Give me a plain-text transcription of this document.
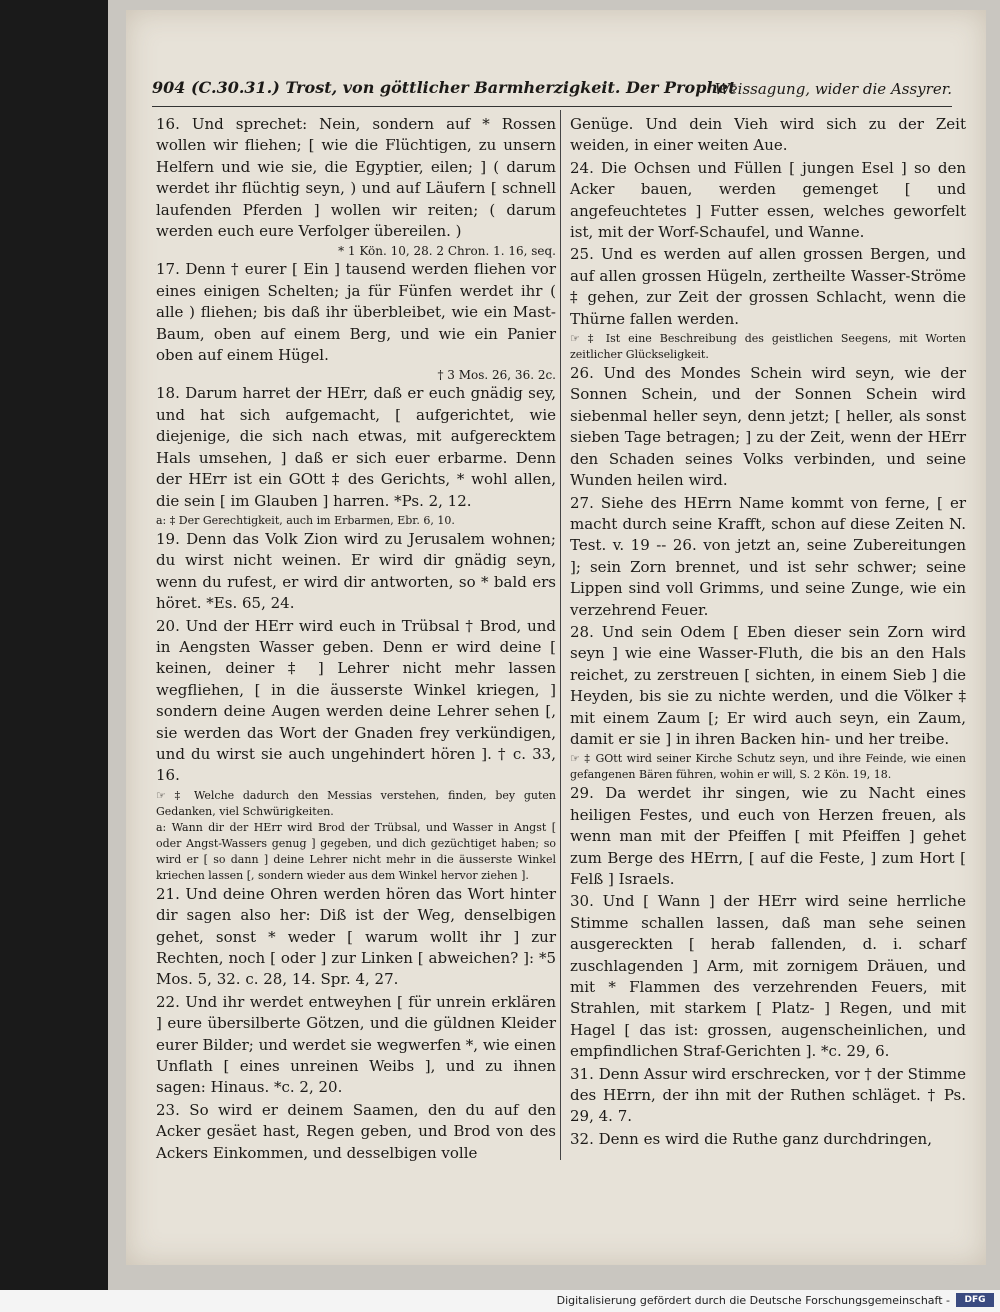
904 (C.30.31.) Trost, von göttlicher Barmherzigkeit. Der Prophet
Weissagung, wider die Assyrer.
16. Und sprechet: Nein, sondern auf * Rossen wollen wir fliehen; [ wie die Flüchtigen, zu unsern Helfern und wie sie, die Egyptier, eilen; ] ( darum werdet ihr flüchtig seyn, ) und auf Läufern [ schnell laufenden Pferden ] wollen wir reiten; ( darum werden euch eure Verfolger übereilen. )
* 1 Kön. 10, 28. 2 Chron. 1. 16, seq.
17. Denn † eurer [ Ein ] tausend werden fliehen vor eines einigen Schelten; ja für Fünfen werdet ihr ( alle ) fliehen; bis daß ihr überbleibet, wie ein Mast-Baum, oben auf einem Berg, und wie ein Panier oben auf einem Hügel.
† 3 Mos. 26, 36. 2c.
18. Darum harret der HErr, daß er euch gnädig sey, und hat sich aufgemacht, [ aufgerichtet, wie diejenige, die sich nach etwas, mit aufgerecktem Hals umsehen, ] daß er sich euer erbarme. Denn der HErr ist ein GOtt ‡ des Gerichts, * wohl allen, die sein [ im Glauben ] harren. *Ps. 2, 12.
a: ‡ Der Gerechtigkeit, auch im Erbarmen, Ebr. 6, 10.
19. Denn das Volk Zion wird zu Jerusalem wohnen; du wirst nicht weinen. Er wird dir gnädig seyn, wenn du rufest, er wird dir antworten, so * bald ers höret. *Es. 65, 24.
20. Und der HErr wird euch in Trübsal † Brod, und in Aengsten Wasser geben. Denn er wird deine [ keinen, deiner ‡ ] Lehrer nicht mehr lassen wegfliehen, [ in die äusserste Winkel kriegen, ] sondern deine Augen werden deine Lehrer sehen [, sie werden das Wort der Gnaden frey verkündigen, und du wirst sie auch ungehindert hören ]. † c. 33, 16.
☞ ‡ Welche dadurch den Messias verstehen, finden, bey guten Gedanken, viel Schwürigkeiten.
a: Wann dir der HErr wird Brod der Trübsal, und Wasser in Angst [ oder Angst-Wassers genug ] gegeben, und dich gezüchtiget haben; so wird er [ so dann ] deine Lehrer nicht mehr in die äusserste Winkel kriechen lassen [, sondern wieder aus dem Winkel hervor ziehen ].
21. Und deine Ohren werden hören das Wort hinter dir sagen also her: Diß ist der Weg, denselbigen gehet, sonst * weder [ warum wollt ihr ] zur Rechten, noch [ oder ] zur Linken [ abweichen? ]: *5 Mos. 5, 32. c. 28, 14. Spr. 4, 27.
22. Und ihr werdet entweyhen [ für unrein erklären ] eure übersilberte Götzen, und die güldnen Kleider eurer Bilder; und werdet sie wegwerfen *, wie einen Unflath [ eines unreinen Weibs ], und zu ihnen sagen: Hinaus. *c. 2, 20.
23. So wird er deinem Saamen, den du auf den Acker gesäet hast, Regen geben, und Brod von des Ackers Einkommen, und desselbigen volle
Genüge. Und dein Vieh wird sich zu der Zeit weiden, in einer weiten Aue.
24. Die Ochsen und Füllen [ jungen Esel ] so den Acker bauen, werden gemenget [ und angefeuchtetes ] Futter essen, welches geworfelt ist, mit der Worf-Schaufel, und Wanne.
25. Und es werden auf allen grossen Bergen, und auf allen grossen Hügeln, zertheilte Wasser-Ströme ‡ gehen, zur Zeit der grossen Schlacht, wenn die Thürne fallen werden.
☞ ‡ Ist eine Beschreibung des geistlichen Seegens, mit Worten zeitlicher Glückseligkeit.
26. Und des Mondes Schein wird seyn, wie der Sonnen Schein, und der Sonnen Schein wird siebenmal heller seyn, denn jetzt; [ heller, als sonst sieben Tage betragen; ] zu der Zeit, wenn der HErr den Schaden seines Volks verbinden, und seine Wunden heilen wird.
27. Siehe des HErrn Name kommt von ferne, [ er macht durch seine Krafft, schon auf diese Zeiten N. Test. v. 19 -- 26. von jetzt an, seine Zubereitungen ]; sein Zorn brennet, und ist sehr schwer; seine Lippen sind voll Grimms, und seine Zunge, wie ein verzehrend Feuer.
28. Und sein Odem [ Eben dieser sein Zorn wird seyn ] wie eine Wasser-Fluth, die bis an den Hals reichet, zu zerstreuen [ sichten, in einem Sieb ] die Heyden, bis sie zu nichte werden, und die Völker ‡ mit einem Zaum [; Er wird auch seyn, ein Zaum, damit er sie ] in ihren Backen hin- und her treibe.
☞ ‡ GOtt wird seiner Kirche Schutz seyn, und ihre Feinde, wie einen gefangenen Bären führen, wohin er will, S. 2 Kön. 19, 18.
29. Da werdet ihr singen, wie zu Nacht eines heiligen Festes, und euch von Herzen freuen, als wenn man mit der Pfeiffen [ mit Pfeiffen ] gehet zum Berge des HErrn, [ auf die Feste, ] zum Hort [ Felß ] Israels.
30. Und [ Wann ] der HErr wird seine herrliche Stimme schallen lassen, daß man sehe seinen ausgereckten [ herab fallenden, d. i. scharf zuschlagenden ] Arm, mit zornigem Dräuen, und mit * Flammen des verzehrenden Feuers, mit Strahlen, mit starkem [ Platz- ] Regen, und mit Hagel [ das ist: grossen, augenscheinlichen, und empfindlichen Straf-Gerichten ]. *c. 29, 6.
31. Denn Assur wird erschrecken, vor † der Stimme des HErrn, der ihn mit der Ruthen schläget. † Ps. 29, 4. 7.
32. Denn es wird die Ruthe ganz durchdringen,
Digitalisierung gefördert durch die Deutsche Forschungsgemeinschaft -	DFG
